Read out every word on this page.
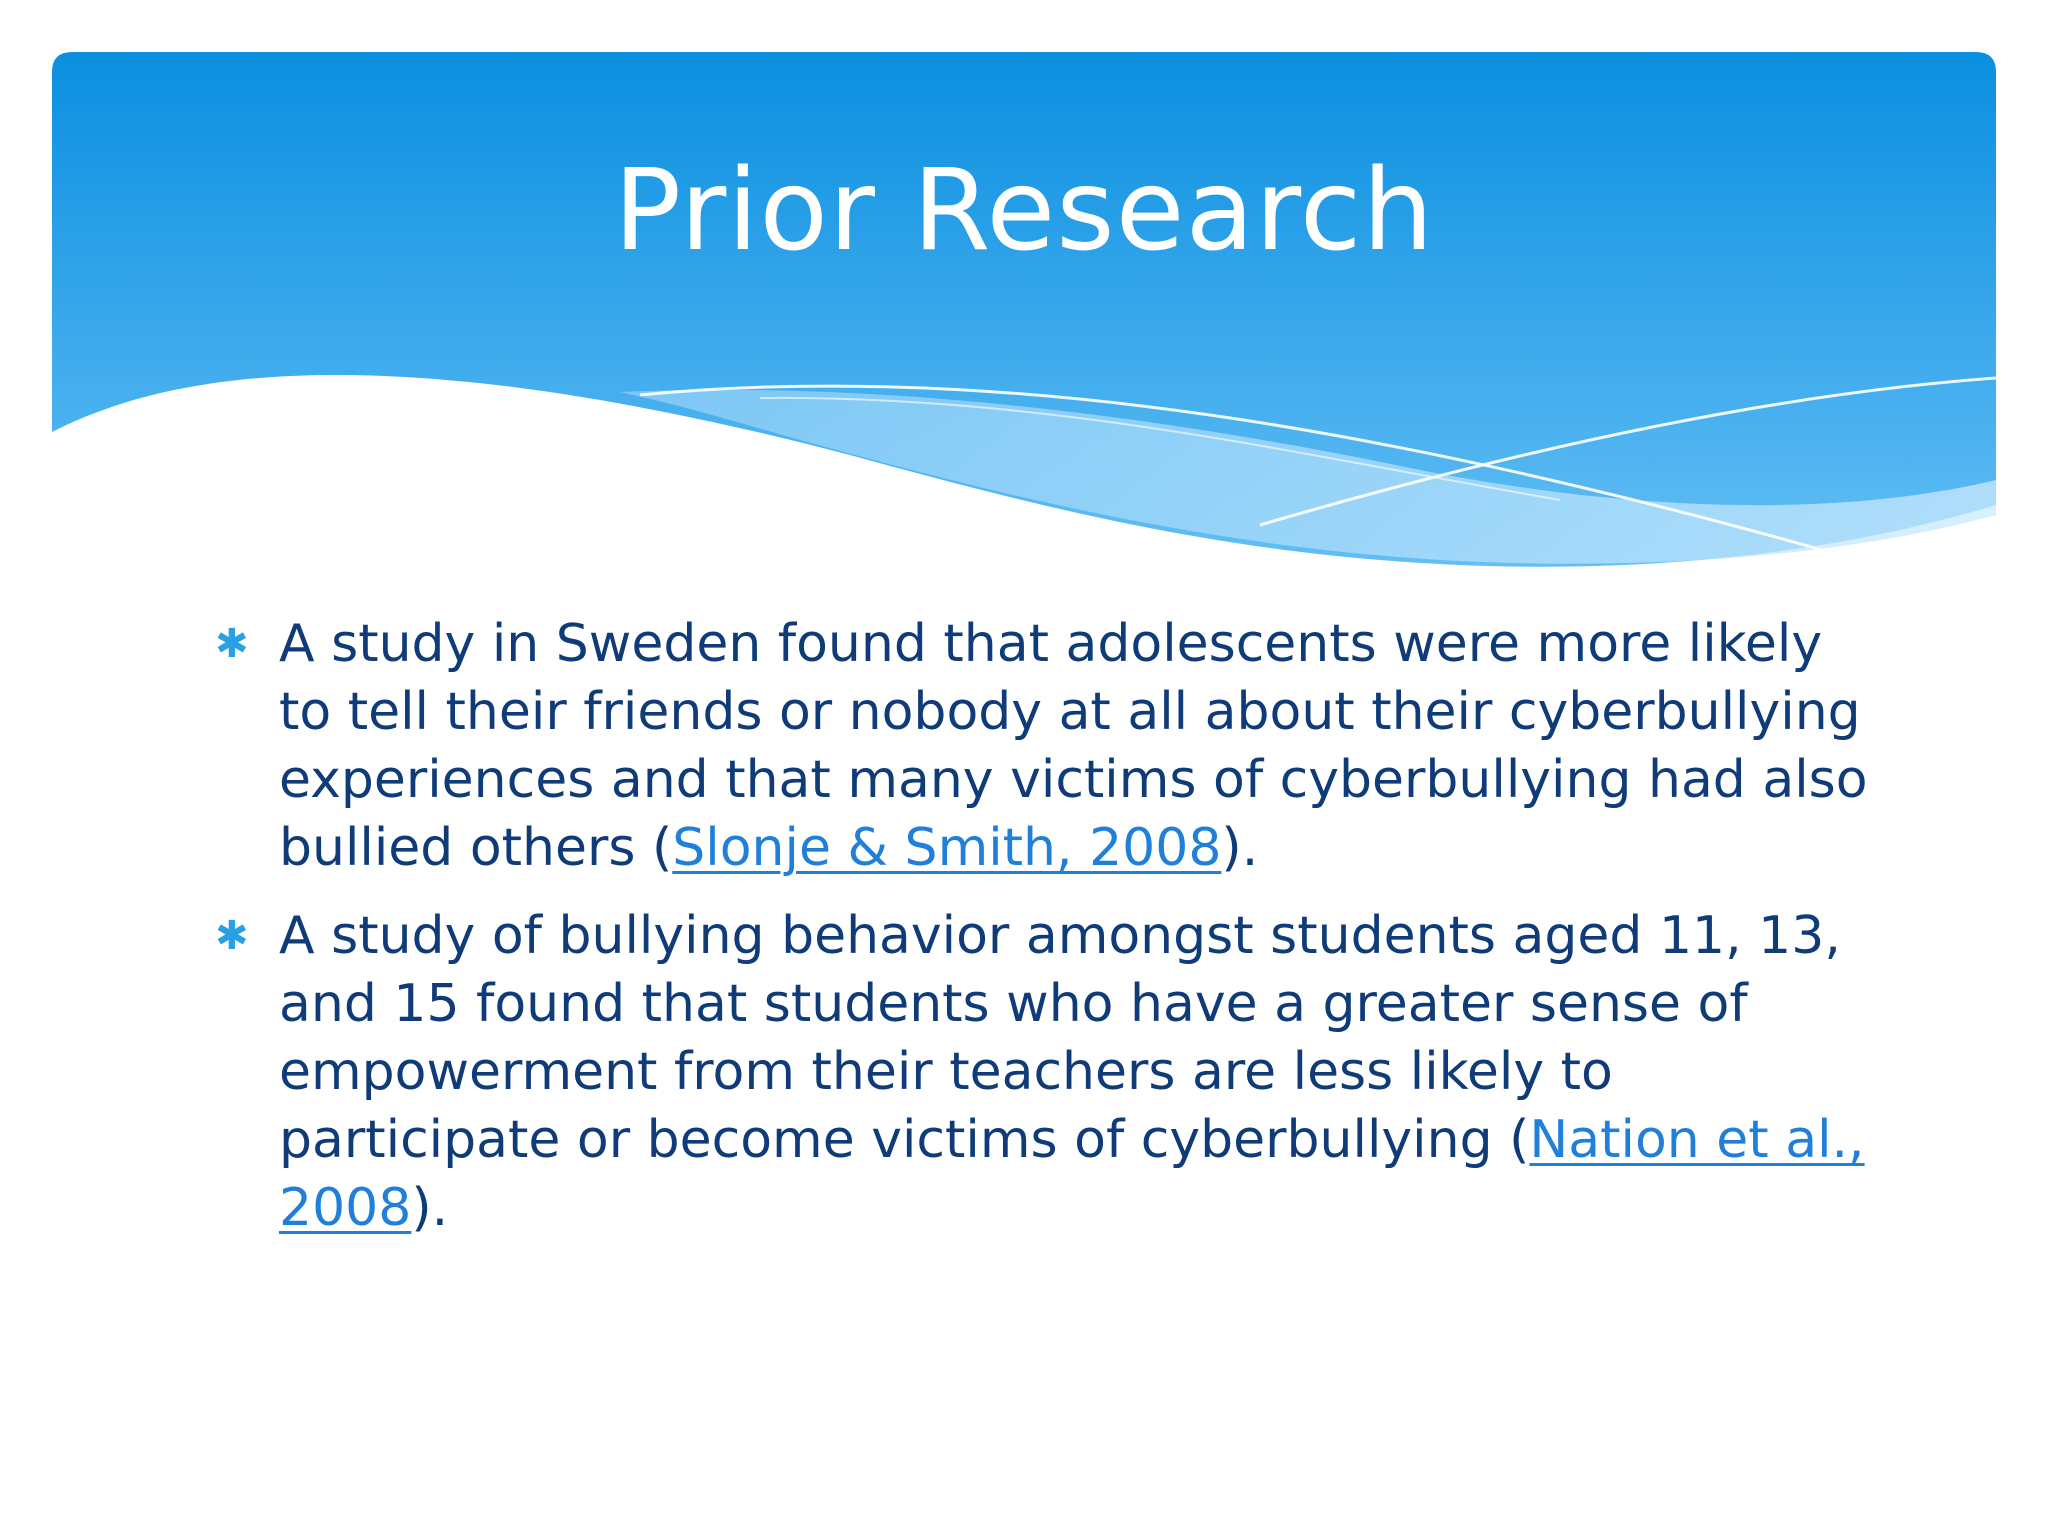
Prior Research
✱ A study in Sweden found that adolescents were more likely to tell their friends or nobody at all about their cyberbullying experiences and that many victims of cyberbullying had also bullied others (Slonje & Smith, 2008).
✱ A study of bullying behavior amongst students aged 11, 13, and 15 found that students who have a greater sense of empowerment from their teachers are less likely to participate or become victims of cyberbullying (Nation et al., 2008).
